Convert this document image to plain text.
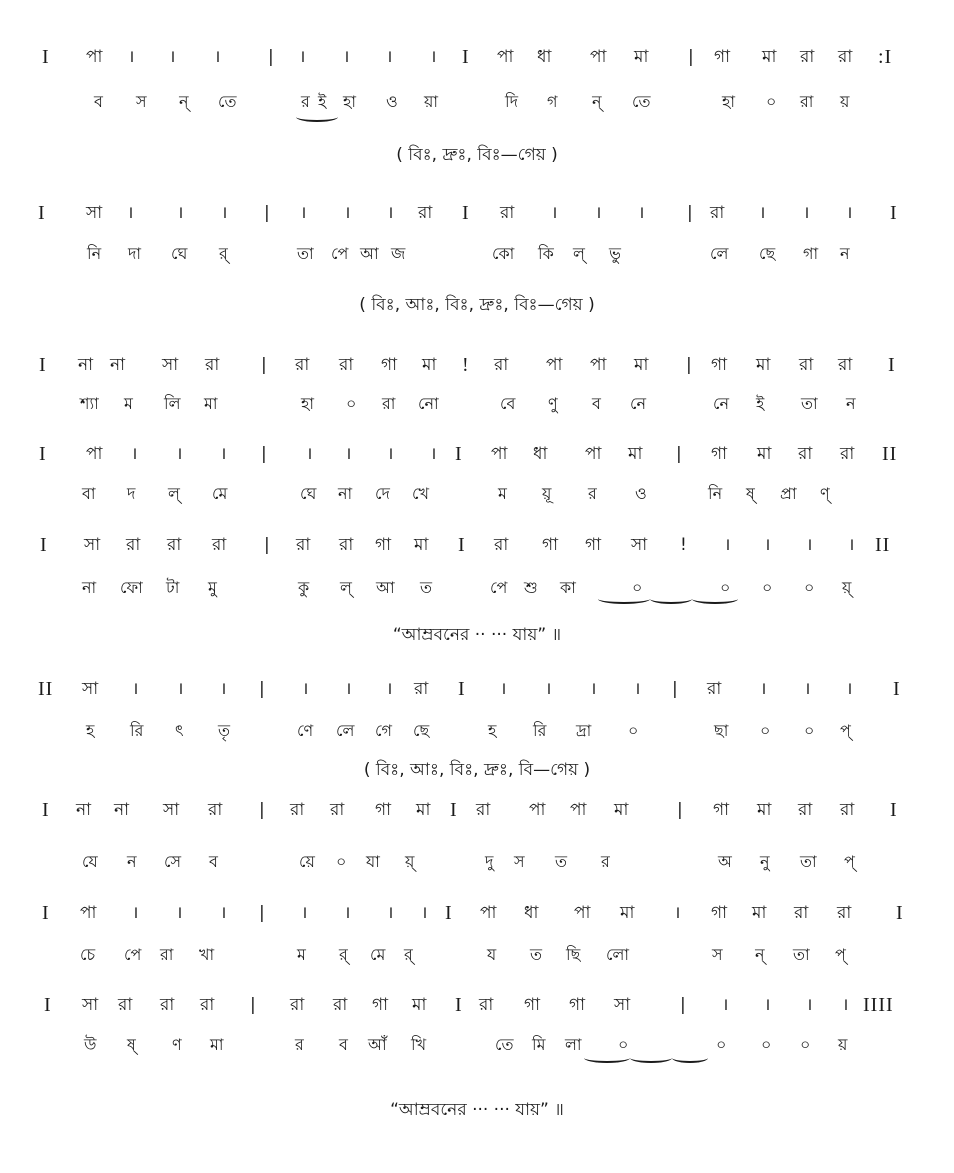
I পা । । ।	| । । । । I পা ধা পা মা | গা মা রা রা :I
ব স ন্ তে	র ই হা ও য়া	দি গ ন্ তে	হা ০ রা য়
( বিঃ, দ্রুঃ, বিঃ—গেয় )
I সা ।	। । | । । । রা I রা । । ।	| রা । । । I
নি দা ঘে র্	তা পে আ জ	কো কি ল্ ভু	লে ছে গা ন
( বিঃ, আঃ, বিঃ, দ্রুঃ, বিঃ—গেয় )
I না না সা রা | রা রা গা মা ! রা পা পা মা | গা মা রা রা I
শ্যা ম লি মা	হা ০ রা নো	বে ণু ব নে	নে ই তা ন
I পা । । । | । । । । I পা ধা পা মা | গা মা রা রা II
বা দ ল্ মে	ঘে না দে খে	ম য়ূ র ও	নি ষ্ প্রা ণ্
I সা রা রা রা | রা রা গা মা I রা গা গা সা ! । । । । II
না ফো টা মু	কু ল্ আ ত	পে শু কা	০	০ ০ ০ য়্
“আম্রবনের ·· ··· যায়” ॥
II সা । । । | । । । রা I । । । । | রা । । । I
হ রি ৎ তৃ	ণে লে গে ছে	হ রি দ্রা ০	ছা ০ ০ প্
( বিঃ, আঃ, বিঃ, দ্রুঃ, বি—গেয় )
I না না সা রা | রা রা গা মা I রা পা পা মা	| গা মা রা রা I
যে ন সে ব	য়ে ০ যা য়্	দু স ত র	অ নু তা প্
I পা । । । | । । । । I পা ধা পা মা । গা মা রা রা I
চে পে রা খা	ম র্ মে র্	য ত ছি লো	স ন্ তা প্
I সা রা রা রা | রা রা গা মা I রা গা গা সা	| । । । । IIII
উ ষ্ ণ মা	র ব আঁ খি	তে মি লা ০	০ ০ ০ য়
“আম্রবনের ··· ··· যায়” ॥
